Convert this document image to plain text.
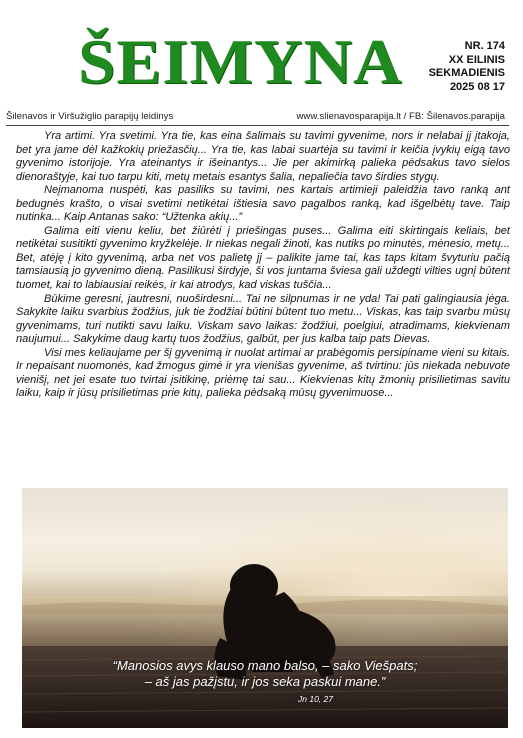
ŠEIMYNA	NR. 174
XX EILINIS
SEKMADIENIS
2025 08 17
Šilenavos ir Viršužiglio parapijų leidinys	www.slienavosparapija.lt / FB: Šilenavos.parapija

Yra artimi. Yra svetimi. Yra tie, kas eina šalimais su tavimi gyvenime, nors ir nelabai jį įtakoja, bet yra jame dėl kažkokių priežasčių... Yra tie, kas labai suartėja su tavimi ir keičia įvykių eigą tavo gyvenimo istorijoje. Yra ateinantys ir išeinantys... Jie per akimirką palieka pėdsakus tavo sielos dienoraštyje, kai tuo tarpu kiti, metų metais esantys šalia, nepaliečia tavo širdies stygų.

Neįmanoma nuspėti, kas pasiliks su tavimi, nes kartais artimieji paleidžia tavo ranką ant bedugnės krašto, o visai svetimi netikėtai ištiesia savo pagalbos ranką, kad išgelbėtų tave. Taip nutinka... Kaip Antanas sako: “Užtenka akių...”

Galima eiti vienu keliu, bet žiūrėti į priešingas puses... Galima eiti skirtingais keliais, bet netikėtai susitikti gyvenimo kryžkelėje. Ir niekas negali žinoti, kas nutiks po minutės, mėnesio, metų... Bet, atėję į kito gyvenimą, arba net vos palietę jį – palikite jame tai, kas taps kitam švyturiu pačią tamsiausią jo gyvenimo dieną. Pasilikusi širdyje, ši vos juntama šviesa gali uždegti vilties ugnį būtent tuomet, kai to labiausiai reikės, ir kai atrodys, kad viskas tuščia...

Būkime geresni, jautresni, nuoširdesni... Tai ne silpnumas ir ne yda! Tai pati galingiausia jėga. Sakykite laiku svarbius žodžius, juk tie žodžiai būtini būtent tuo metu... Viskas, kas taip svarbu mūsų gyvenimams, turi nutikti savu laiku. Viskam savo laikas: žodžiui, poelgiui, atradimams, kiekvienam naujumui... Sakykime daug kartų tuos žodžius, galbūt, per jus kalba taip pats Dievas.

Visi mes keliaujame per šį gyvenimą ir nuolat artimai ar prabėgomis persipiname vieni su kitais. Ir nepaisant nuomonės, kad žmogus gimė ir yra vienišas gyvenime, aš tvirtinu: jūs niekada nebuvote vienišį, net jei esate tuo tvirtai įsitikinę, priėmę tai sau... Kiekvienas kitų žmonių prisilietimas savitu laiku, kaip ir jūsų prisilietimas prie kitų, palieka pėdsaką mūsų gyvenimuose...

“Manosios avys klauso mano balso, – sako Viešpats;
– aš jas pažįstu, ir jos seka paskui mane.”
Jn 10, 27
